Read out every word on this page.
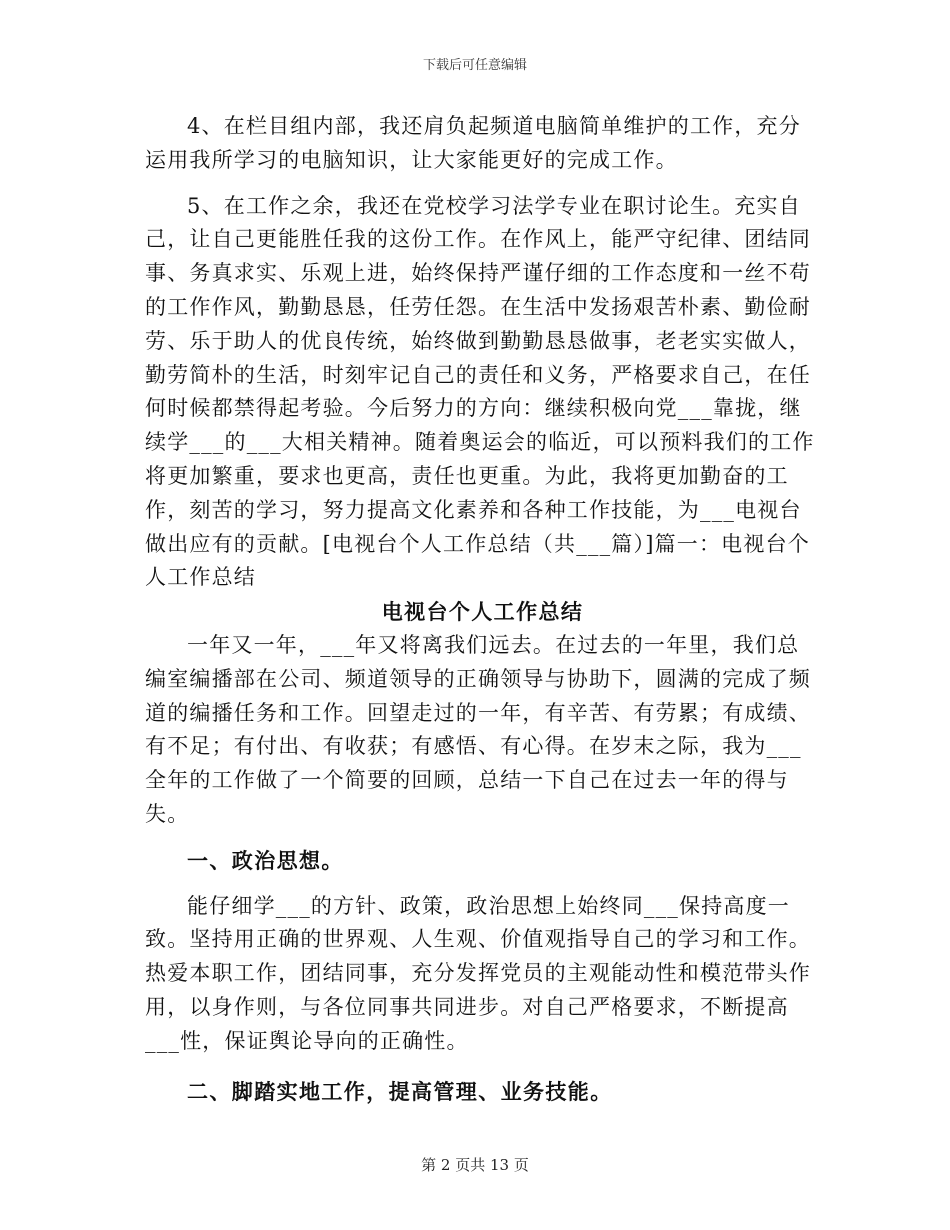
下载后可任意编辑

4、在栏目组内部，我还肩负起频道电脑简单维护的工作，充分运用我所学习的电脑知识，让大家能更好的完成工作。

5、在工作之余，我还在党校学习法学专业在职讨论生。充实自己，让自己更能胜任我的这份工作。在作风上，能严守纪律、团结同事、务真求实、乐观上进，始终保持严谨仔细的工作态度和一丝不苟的工作作风，勤勤恳恳，任劳任怨。在生活中发扬艰苦朴素、勤俭耐劳、乐于助人的优良传统，始终做到勤勤恳恳做事，老老实实做人，勤劳简朴的生活，时刻牢记自己的责任和义务，严格要求自己，在任何时候都禁得起考验。今后努力的方向：继续积极向党___靠拢，继续学___的___大相关精神。随着奥运会的临近，可以预料我们的工作将更加繁重，要求也更高，责任也更重。为此，我将更加勤奋的工作，刻苦的学习，努力提高文化素养和各种工作技能，为___电视台做出应有的贡献。[电视台个人工作总结（共___篇）]篇一：电视台个人工作总结

电视台个人工作总结

一年又一年，___年又将离我们远去。在过去的一年里，我们总编室编播部在公司、频道领导的正确领导与协助下，圆满的完成了频道的编播任务和工作。回望走过的一年，有辛苦、有劳累；有成绩、有不足；有付出、有收获；有感悟、有心得。在岁末之际，我为___全年的工作做了一个简要的回顾，总结一下自己在过去一年的得与失。

一、政治思想。

能仔细学___的方针、政策，政治思想上始终同___保持高度一致。坚持用正确的世界观、人生观、价值观指导自己的学习和工作。热爱本职工作，团结同事，充分发挥党员的主观能动性和模范带头作用，以身作则，与各位同事共同进步。对自己严格要求，不断提高___性，保证舆论导向的正确性。

二、脚踏实地工作，提高管理、业务技能。

第 2 页共 13 页
